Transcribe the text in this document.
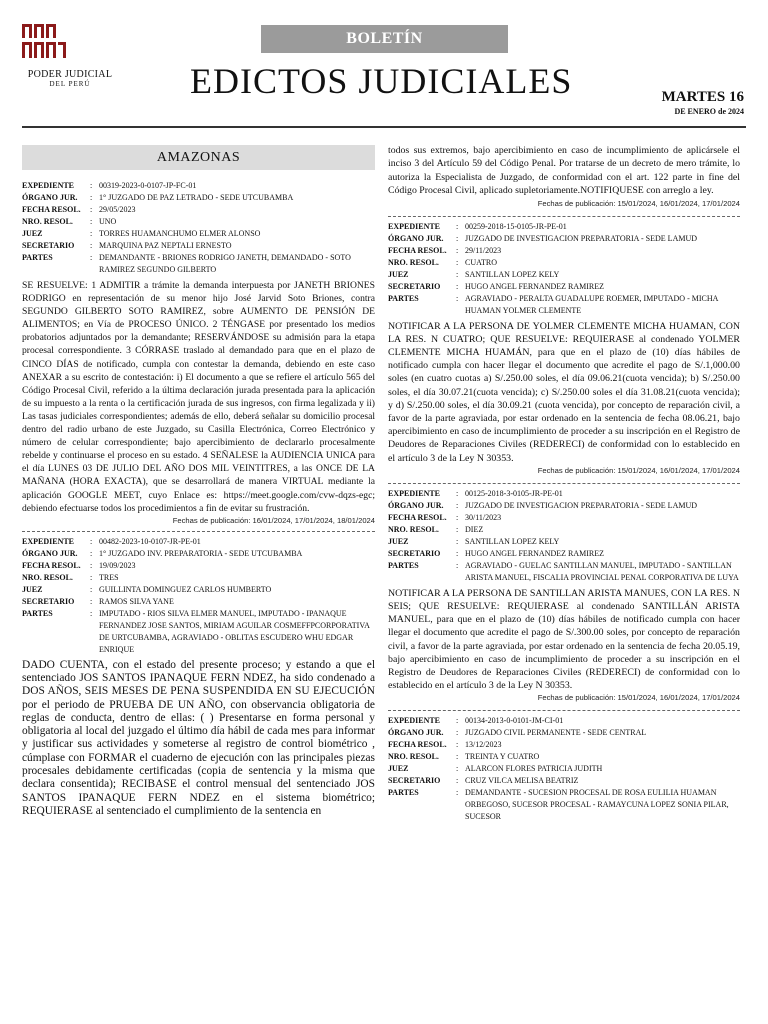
PODER JUDICIAL
DEL PERÚ
BOLETÍN
EDICTOS JUDICIALES	MARTES 16
DE ENERO de 2024
AMAZONAS
EXPEDIENTE	:	00319-2023-0-0107-JP-FC-01
ÓRGANO JUR.	:	1° JUZGADO DE PAZ LETRADO - SEDE UTCUBAMBA
FECHA RESOL.	:	29/05/2023
NRO. RESOL.	:	UNO
JUEZ	:	TORRES HUAMANCHUMO ELMER ALONSO
SECRETARIO	:	MARQUINA PAZ NEPTALI ERNESTO
PARTES	:	DEMANDANTE - BRIONES RODRIGO JANETH, DEMANDADO - SOTO RAMIREZ SEGUNDO GILBERTO

SE RESUELVE: 1 ADMITIR a trámite la demanda interpuesta por JANETH BRIONES RODRIGO en representación de su menor hijo José Jarvid Soto Briones, contra SEGUNDO GILBERTO SOTO RAMIREZ, sobre AUMENTO DE PENSIÓN DE ALIMENTOS; en Vía de PROCESO ÚNICO. 2 TÉNGASE por presentado los medios probatorios adjuntados por la demandante; RESERVÁNDOSE su admisión para la etapa procesal correspondiente. 3 CÓRRASE traslado al demandado para que en el plazo de CINCO DÍAS de notificado, cumpla con contestar la demanda, debiendo en este caso ANEXAR a su escrito de contestación: i) El documento a que se refiere el artículo 565 del Código Procesal Civil, referido a la última declaración jurada presentada para la aplicación de su impuesto a la renta o la certificación jurada de sus ingresos, con firma legalizada y ii) Las tasas judiciales correspondientes; además de ello, deberá señalar su domicilio procesal dentro del radio urbano de este Juzgado, su Casilla Electrónica, Correo Electrónico y número de celular correspondiente; bajo apercibimiento de declararlo procesalmente rebelde y continuarse el proceso en su estado. 4 SEÑALESE la AUDIENCIA UNICA para el día LUNES 03 DE JULIO DEL AÑO DOS MIL VEINTITRES, a las ONCE DE LA MAÑANA (HORA EXACTA), que se desarrollará de manera VIRTUAL mediante la aplicación GOOGLE MEET, cuyo Enlace es: https://meet.google.com/cvw-dqzs-egc; debiendo efectuarse todos los procedimientos a fin de evitar su frustración.

Fechas de publicación: 16/01/2024, 17/01/2024, 18/01/2024
EXPEDIENTE	:	00482-2023-10-0107-JR-PE-01
ÓRGANO JUR.	:	1° JUZGADO INV. PREPARATORIA - SEDE UTCUBAMBA
FECHA RESOL.	:	19/09/2023
NRO. RESOL.	:	TRES
JUEZ	:	GUILLINTA DOMINGUEZ CARLOS HUMBERTO
SECRETARIO	:	RAMOS SILVA YANE
PARTES	:	IMPUTADO - RIOS SILVA ELMER MANUEL, IMPUTADO - IPANAQUE FERNANDEZ JOSE SANTOS, MIRIAM AGUILAR COSMEFFPCORPORATIVA DE URTCUBAMBA, AGRAVIADO - OBLITAS ESCUDERO WHU EDGAR ENRIQUE

DADO CUENTA, con el estado del presente proceso; y estando a que el sentenciado JOS SANTOS IPANAQUE FERN NDEZ, ha sido condenado a DOS AÑOS, SEIS MESES DE PENA SUSPENDIDA EN SU EJECUCIÓN por el periodo de PRUEBA DE UN AÑO, con observancia obligatoria de reglas de conducta, dentro de ellas: ( ) Presentarse en forma personal y obligatoria al local del juzgado el último día hábil de cada mes para informar y justificar sus actividades y someterse al registro de control biométrico , cúmplase con FORMAR el cuaderno de ejecución con las principales piezas procesales debidamente certificadas (copia de sentencia y la misma que declara consentida); RECIBASE el control mensual del sentenciado JOS SANTOS IPANAQUE FERN NDEZ en el sistema biométrico; REQUIERASE al sentenciado el cumplimiento de la sentencia en

todos sus extremos, bajo apercibimiento en caso de incumplimiento de aplicársele el inciso 3 del Artículo 59 del Código Penal. Por tratarse de un decreto de mero trámite, lo autoriza la Especialista de Juzgado, de conformidad con el art. 122 parte in fine del Código Procesal Civil, aplicado supletoriamente.NOTIFIQUESE con arreglo a ley.

Fechas de publicación: 15/01/2024, 16/01/2024, 17/01/2024
EXPEDIENTE	:	00259-2018-15-0105-JR-PE-01
ÓRGANO JUR.	:	JUZGADO DE INVESTIGACION PREPARATORIA - SEDE LAMUD
FECHA RESOL.	:	29/11/2023
NRO. RESOL.	:	CUATRO
JUEZ	:	SANTILLAN LOPEZ KELY
SECRETARIO	:	HUGO ANGEL FERNANDEZ RAMIREZ
PARTES	:	AGRAVIADO - PERALTA GUADALUPE ROEMER, IMPUTADO - MICHA HUAMAN YOLMER CLEMENTE

NOTIFICAR A LA PERSONA DE YOLMER CLEMENTE MICHA HUAMAN, CON LA RES. N CUATRO; QUE RESUELVE: REQUIERASE al condenado YOLMER CLEMENTE MICHA HUAMÁN, para que en el plazo de (10) días hábiles de notificado cumpla con hacer llegar el documento que acredite el pago de S/.1,000.00 soles (en cuatro cuotas a) S/.250.00 soles, el día 09.06.21(cuota vencida); b) S/.250.00 soles, el día 30.07.21(cuota vencida); c) S/.250.00 soles el día 31.08.21(cuota vencida); y d) S/.250.00 soles, el día 30.09.21 (cuota vencida), por concepto de reparación civil, a favor de la parte agraviada, por estar ordenado en la sentencia de fecha 08.06.21, bajo apercibimiento en caso de incumplimiento de proceder a su inscripción en el Registro de Deudores de Reparaciones Civiles (REDERECI) de conformidad con lo establecido en el artículo 3 de la Ley N 30353.

Fechas de publicación: 15/01/2024, 16/01/2024, 17/01/2024
EXPEDIENTE	:	00125-2018-3-0105-JR-PE-01
ÓRGANO JUR.	:	JUZGADO DE INVESTIGACION PREPARATORIA - SEDE LAMUD
FECHA RESOL.	:	30/11/2023
NRO. RESOL.	:	DIEZ
JUEZ	:	SANTILLAN LOPEZ KELY
SECRETARIO	:	HUGO ANGEL FERNANDEZ RAMIREZ
PARTES	:	AGRAVIADO - GUELAC SANTILLAN MANUEL, IMPUTADO - SANTILLAN ARISTA MANUEL, FISCALIA PROVINCIAL PENAL CORPORATIVA DE LUYA

NOTIFICAR A LA PERSONA DE SANTILLAN ARISTA MANUES, CON LA RES. N SEIS; QUE RESUELVE: REQUIERASE al condenado SANTILLÁN ARISTA MANUEL, para que en el plazo de (10) días hábiles de notificado cumpla con hacer llegar el documento que acredite el pago de S/.300.00 soles, por concepto de reparación civil, a favor de la parte agraviada, por estar ordenado en la sentencia de fecha 20.05.19, bajo apercibimiento en caso de incumplimiento de proceder a su inscripción en el Registro de Deudores de Reparaciones Civiles (REDERECI) de conformidad con lo establecido en el artículo 3 de la Ley N 30353.

Fechas de publicación: 15/01/2024, 16/01/2024, 17/01/2024
EXPEDIENTE	:	00134-2013-0-0101-JM-CI-01
ÓRGANO JUR.	:	JUZGADO CIVIL PERMANENTE - SEDE CENTRAL
FECHA RESOL.	:	13/12/2023
NRO. RESOL.	:	TREINTA Y CUATRO
JUEZ	:	ALARCON FLORES PATRICIA JUDITH
SECRETARIO	:	CRUZ VILCA MELISA BEATRIZ
PARTES	:	DEMANDANTE - SUCESION PROCESAL DE ROSA EULILIA HUAMAN ORBEGOSO, SUCESOR PROCESAL - RAMAYCUNA LOPEZ SONIA PILAR, SUCESOR
